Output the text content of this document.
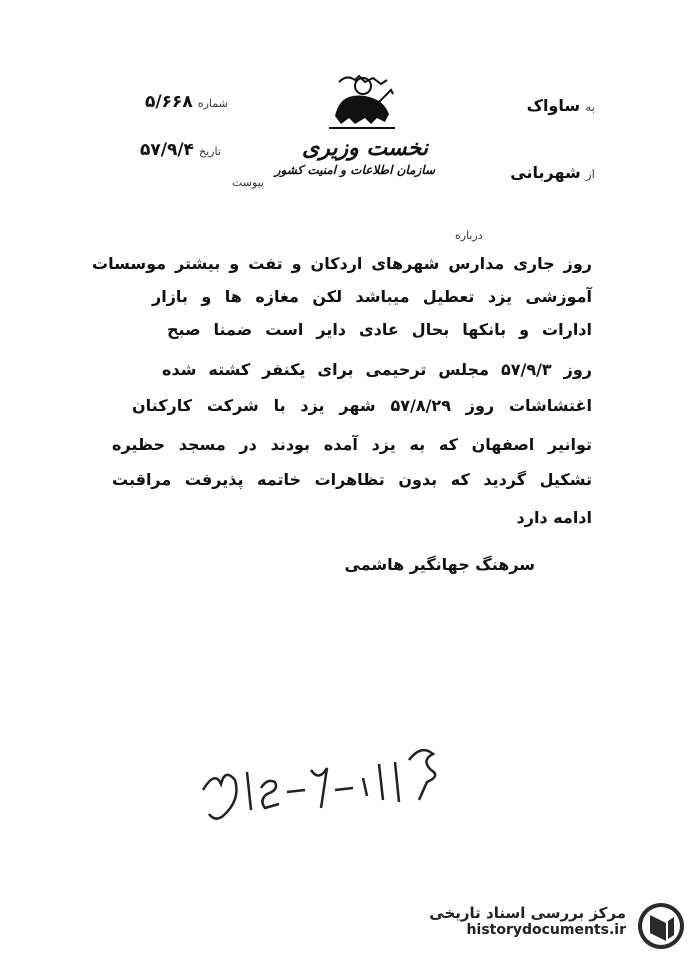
نخست وزیری
سازمان اطلاعات و امنیت کشور
شماره ۵/۶۶۸
تاریخ ۵۷/۹/۴
پیوست
به ساواک
از شهربانی
درباره
روز جاری مدارس شهرهای اردکان و تفت و بیشتر موسسات
آموزشی یزد تعطیل میباشد لکن مغازه ها و بازار
ادارات و بانکها بحال عادی دایر است ضمنا صبح
روز ۵۷/۹/۳ مجلس ترحیمی برای یکنفر کشته شده
اغتشاشات روز ۵۷/۸/۲۹ شهر یزد با شرکت کارکنان
توانیر اصفهان که به یزد آمده بودند در مسجد حظیره
تشکیل گردید که بدون تظاهرات خاتمه پذیرفت مراقبت
ادامه دارد
سرهنگ جهانگیر هاشمی
مرکز بررسی اسناد تاریخی
historydocuments.ir
